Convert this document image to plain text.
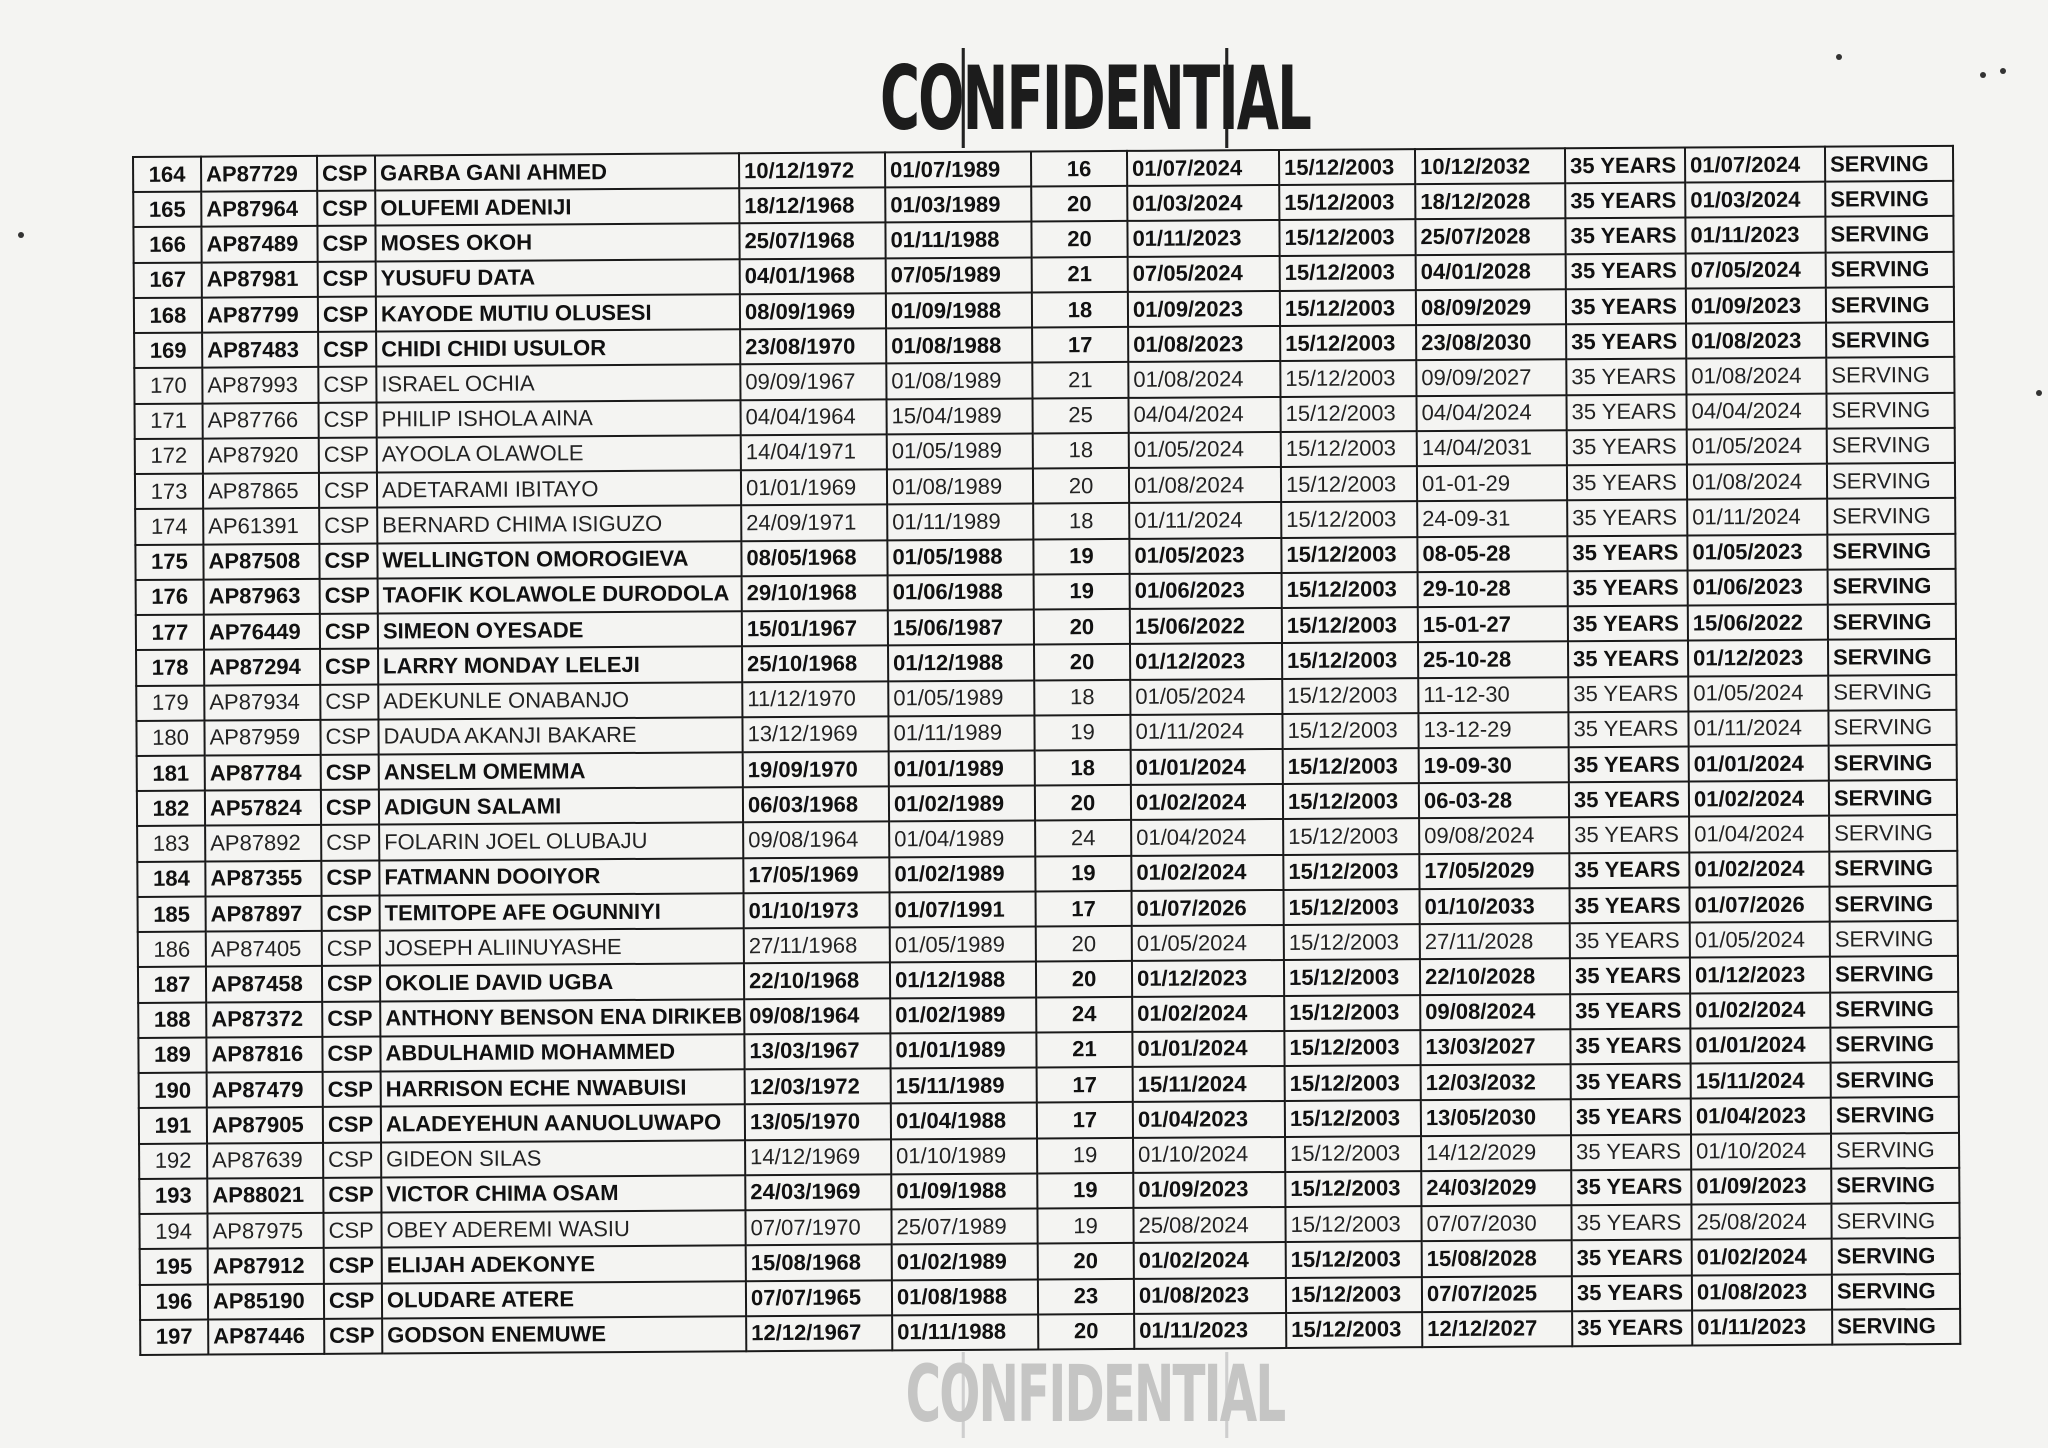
CONFIDENTIAL
164	AP87729	CSP	GARBA GANI AHMED	10/12/1972	01/07/1989	16	01/07/2024	15/12/2003	10/12/2032	35 YEARS	01/07/2024	SERVING
165	AP87964	CSP	OLUFEMI ADENIJI	18/12/1968	01/03/1989	20	01/03/2024	15/12/2003	18/12/2028	35 YEARS	01/03/2024	SERVING
166	AP87489	CSP	MOSES OKOH	25/07/1968	01/11/1988	20	01/11/2023	15/12/2003	25/07/2028	35 YEARS	01/11/2023	SERVING
167	AP87981	CSP	YUSUFU DATA	04/01/1968	07/05/1989	21	07/05/2024	15/12/2003	04/01/2028	35 YEARS	07/05/2024	SERVING
168	AP87799	CSP	KAYODE MUTIU OLUSESI	08/09/1969	01/09/1988	18	01/09/2023	15/12/2003	08/09/2029	35 YEARS	01/09/2023	SERVING
169	AP87483	CSP	CHIDI CHIDI USULOR	23/08/1970	01/08/1988	17	01/08/2023	15/12/2003	23/08/2030	35 YEARS	01/08/2023	SERVING
170	AP87993	CSP	ISRAEL OCHIA	09/09/1967	01/08/1989	21	01/08/2024	15/12/2003	09/09/2027	35 YEARS	01/08/2024	SERVING
171	AP87766	CSP	PHILIP ISHOLA AINA	04/04/1964	15/04/1989	25	04/04/2024	15/12/2003	04/04/2024	35 YEARS	04/04/2024	SERVING
172	AP87920	CSP	AYOOLA OLAWOLE	14/04/1971	01/05/1989	18	01/05/2024	15/12/2003	14/04/2031	35 YEARS	01/05/2024	SERVING
173	AP87865	CSP	ADETARAMI IBITAYO	01/01/1969	01/08/1989	20	01/08/2024	15/12/2003	01-01-29	35 YEARS	01/08/2024	SERVING
174	AP61391	CSP	BERNARD CHIMA ISIGUZO	24/09/1971	01/11/1989	18	01/11/2024	15/12/2003	24-09-31	35 YEARS	01/11/2024	SERVING
175	AP87508	CSP	WELLINGTON OMOROGIEVA	08/05/1968	01/05/1988	19	01/05/2023	15/12/2003	08-05-28	35 YEARS	01/05/2023	SERVING
176	AP87963	CSP	TAOFIK KOLAWOLE DURODOLA	29/10/1968	01/06/1988	19	01/06/2023	15/12/2003	29-10-28	35 YEARS	01/06/2023	SERVING
177	AP76449	CSP	SIMEON OYESADE	15/01/1967	15/06/1987	20	15/06/2022	15/12/2003	15-01-27	35 YEARS	15/06/2022	SERVING
178	AP87294	CSP	LARRY MONDAY LELEJI	25/10/1968	01/12/1988	20	01/12/2023	15/12/2003	25-10-28	35 YEARS	01/12/2023	SERVING
179	AP87934	CSP	ADEKUNLE ONABANJO	11/12/1970	01/05/1989	18	01/05/2024	15/12/2003	11-12-30	35 YEARS	01/05/2024	SERVING
180	AP87959	CSP	DAUDA AKANJI BAKARE	13/12/1969	01/11/1989	19	01/11/2024	15/12/2003	13-12-29	35 YEARS	01/11/2024	SERVING
181	AP87784	CSP	ANSELM OMEMMA	19/09/1970	01/01/1989	18	01/01/2024	15/12/2003	19-09-30	35 YEARS	01/01/2024	SERVING
182	AP57824	CSP	ADIGUN SALAMI	06/03/1968	01/02/1989	20	01/02/2024	15/12/2003	06-03-28	35 YEARS	01/02/2024	SERVING
183	AP87892	CSP	FOLARIN JOEL OLUBAJU	09/08/1964	01/04/1989	24	01/04/2024	15/12/2003	09/08/2024	35 YEARS	01/04/2024	SERVING
184	AP87355	CSP	FATMANN DOOIYOR	17/05/1969	01/02/1989	19	01/02/2024	15/12/2003	17/05/2029	35 YEARS	01/02/2024	SERVING
185	AP87897	CSP	TEMITOPE AFE OGUNNIYI	01/10/1973	01/07/1991	17	01/07/2026	15/12/2003	01/10/2033	35 YEARS	01/07/2026	SERVING
186	AP87405	CSP	JOSEPH ALIINUYASHE	27/11/1968	01/05/1989	20	01/05/2024	15/12/2003	27/11/2028	35 YEARS	01/05/2024	SERVING
187	AP87458	CSP	OKOLIE DAVID UGBA	22/10/1968	01/12/1988	20	01/12/2023	15/12/2003	22/10/2028	35 YEARS	01/12/2023	SERVING
188	AP87372	CSP	ANTHONY BENSON ENA DIRIKEB	09/08/1964	01/02/1989	24	01/02/2024	15/12/2003	09/08/2024	35 YEARS	01/02/2024	SERVING
189	AP87816	CSP	ABDULHAMID MOHAMMED	13/03/1967	01/01/1989	21	01/01/2024	15/12/2003	13/03/2027	35 YEARS	01/01/2024	SERVING
190	AP87479	CSP	HARRISON ECHE NWABUISI	12/03/1972	15/11/1989	17	15/11/2024	15/12/2003	12/03/2032	35 YEARS	15/11/2024	SERVING
191	AP87905	CSP	ALADEYEHUN AANUOLUWAPO	13/05/1970	01/04/1988	17	01/04/2023	15/12/2003	13/05/2030	35 YEARS	01/04/2023	SERVING
192	AP87639	CSP	GIDEON SILAS	14/12/1969	01/10/1989	19	01/10/2024	15/12/2003	14/12/2029	35 YEARS	01/10/2024	SERVING
193	AP88021	CSP	VICTOR CHIMA OSAM	24/03/1969	01/09/1988	19	01/09/2023	15/12/2003	24/03/2029	35 YEARS	01/09/2023	SERVING
194	AP87975	CSP	OBEY ADEREMI WASIU	07/07/1970	25/07/1989	19	25/08/2024	15/12/2003	07/07/2030	35 YEARS	25/08/2024	SERVING
195	AP87912	CSP	ELIJAH ADEKONYE	15/08/1968	01/02/1989	20	01/02/2024	15/12/2003	15/08/2028	35 YEARS	01/02/2024	SERVING
196	AP85190	CSP	OLUDARE ATERE	07/07/1965	01/08/1988	23	01/08/2023	15/12/2003	07/07/2025	35 YEARS	01/08/2023	SERVING
197	AP87446	CSP	GODSON ENEMUWE	12/12/1967	01/11/1988	20	01/11/2023	15/12/2003	12/12/2027	35 YEARS	01/11/2023	SERVING
CONFIDENTIAL
